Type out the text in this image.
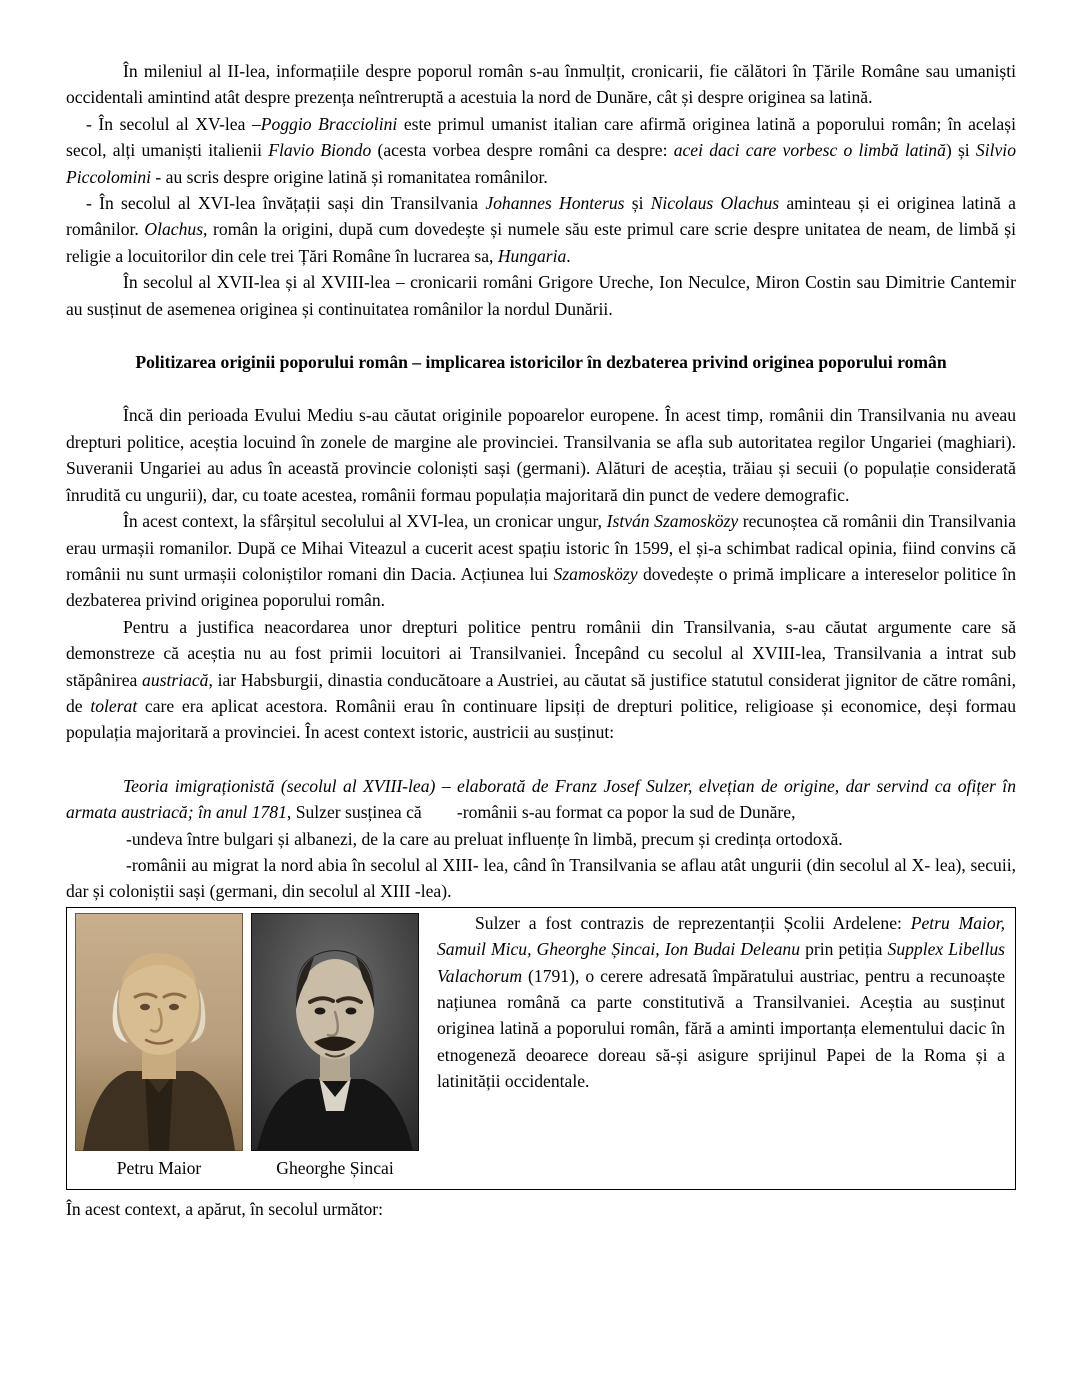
În mileniul al II-lea, informațiile despre poporul român s-au înmulțit, cronicarii, fie călători în Țările Române sau umaniști occidentali amintind atât despre prezența neîntreruptă a acestuia la nord de Dunăre, cât și despre originea sa latină.

- În secolul al XV-lea –Poggio Bracciolini este primul umanist italian care afirmă originea latină a poporului român; în același secol, alți umaniști italienii Flavio Biondo (acesta vorbea despre români ca despre: acei daci care vorbesc o limbă latină) și Silvio Piccolomini - au scris despre origine latină și romanitatea românilor.

- În secolul al XVI-lea învățații sași din Transilvania Johannes Honterus și Nicolaus Olachus aminteau și ei originea latină a românilor. Olachus, român la origini, după cum dovedește și numele său este primul care scrie despre unitatea de neam, de limbă și religie a locuitorilor din cele trei Țări Române în lucrarea sa, Hungaria.

În secolul al XVII-lea și al XVIII-lea – cronicarii români Grigore Ureche, Ion Neculce, Miron Costin sau Dimitrie Cantemir au susținut de asemenea originea și continuitatea românilor la nordul Dunării.

Politizarea originii poporului român – implicarea istoricilor în dezbaterea privind originea poporului român

Încă din perioada Evului Mediu s-au căutat originile popoarelor europene. În acest timp, românii din Transilvania nu aveau drepturi politice, aceștia locuind în zonele de margine ale provinciei. Transilvania se afla sub autoritatea regilor Ungariei (maghiari). Suveranii Ungariei au adus în această provincie coloniști sași (germani). Alături de aceștia, trăiau și secuii (o populație considerată înrudită cu ungurii), dar, cu toate acestea, românii formau populația majoritară din punct de vedere demografic.

În acest context, la sfârșitul secolului al XVI-lea, un cronicar ungur, István Szamosközy recunoștea că românii din Transilvania erau urmașii romanilor. După ce Mihai Viteazul a cucerit acest spațiu istoric în 1599, el și-a schimbat radical opinia, fiind convins că românii nu sunt urmașii coloniștilor romani din Dacia. Acțiunea lui Szamosközy dovedește o primă implicare a intereselor politice în dezbaterea privind originea poporului român.

Pentru a justifica neacordarea unor drepturi politice pentru românii din Transilvania, s-au căutat argumente care să demonstreze că aceștia nu au fost primii locuitori ai Transilvaniei. Începând cu secolul al XVIII-lea, Transilvania a intrat sub stăpânirea austriacă, iar Habsburgii, dinastia conducătoare a Austriei, au căutat să justifice statutul considerat jignitor de către români, de tolerat care era aplicat acestora. Românii erau în continuare lipsiți de drepturi politice, religioase și economice, deși formau populația majoritară a provinciei. În acest context istoric, austricii au susținut:

Teoria imigraționistă (secolul al XVIII-lea) – elaborată de Franz Josef Sulzer, elvețian de origine, dar servind ca ofițer în armata austriacă; în anul 1781, Sulzer susținea că        -românii s-au format ca popor la sud de Dunăre,

-undeva între bulgari și albanezi, de la care au preluat influențe în limbă, precum și credința ortodoxă.

-românii au migrat la nord abia în secolul al XIII- lea, când în Transilvania se aflau atât ungurii (din secolul al X- lea), secuii, dar și coloniștii sași (germani, din secolul al XIII -lea).

Petru Maior	Gheorghe Șincai

Sulzer a fost contrazis de reprezentanții Școlii Ardelene: Petru Maior, Samuil Micu, Gheorghe Șincai, Ion Budai Deleanu prin petiția Supplex Libellus Valachorum (1791), o cerere adresată împăratului austriac, pentru a recunoaște națiunea română ca parte constitutivă a Transilvaniei. Aceștia au susținut originea latină a poporului român, fără a aminti importanța elementului dacic în etnogeneză deoarece doreau să-și asigure sprijinul Papei de la Roma și a latinității occidentale.

În acest context, a apărut, în secolul următor:
